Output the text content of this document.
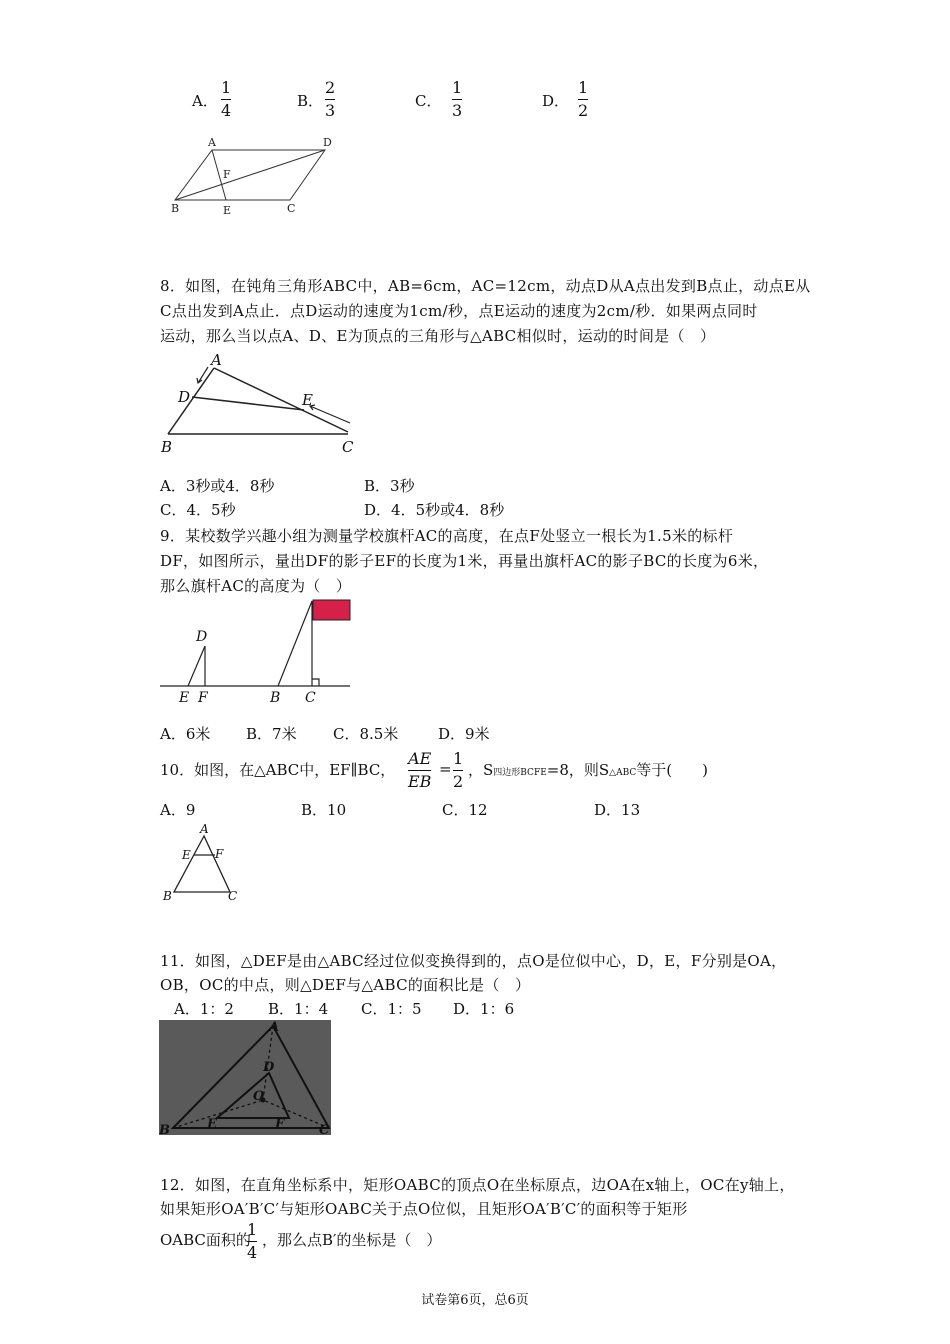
A．
1
4	B．
2
3	C．
1
3	D．
1
2
A	D
F
B	E	C
8．如图，在钝角三角形ABC中，AB=6cm，AC=12cm，动点D从A点出发到B点止，动点E从
C点出发到A点止．点D运动的速度为1cm/秒，点E运动的速度为2cm/秒．如果两点同时
运动，那么当以点A、D、E为顶点的三角形与△ABC相似时，运动的时间是（　）
A
D	E
B	C
A．3秒或4．8秒	B．3秒
C．4．5秒	D．4．5秒或4．8秒
9．某校数学兴趣小组为测量学校旗杆AC的高度，在点F处竖立一根长为1.5米的标杆
DF，如图所示，量出DF的影子EF的长度为1米，再量出旗杆AC的影子BC的长度为6米，
那么旗杆AC的高度为（　）
D
E F	B C
A．6米 B．7米 C．8.5米	D．9米
10．如图，在△ABC中，EF∥BC，
AE
EB
=
1
2
，S四边形BCFE=8，则S△ABC等于(　　)
A．9	B．10	C．12	D．13
A
E F
B	C
11．如图，△DEF是由△ABC经过位似变换得到的，点O是位似中心，D，E，F分别是OA，
OB，OC的中点，则△DEF与△ABC的面积比是（　）
A．1：2 B．1：4 C．1：5 D．1：6
A
D
O
B	E	F	C
12．如图，在直角坐标系中，矩形OABC的顶点O在坐标原点，边OA在x轴上，OC在y轴上，
如果矩形OA′B′C′与矩形OABC关于点O位似，且矩形OA′B′C′的面积等于矩形
OABC面积的
1
4
，那么点B′的坐标是（　）
试卷第6页，总6页
